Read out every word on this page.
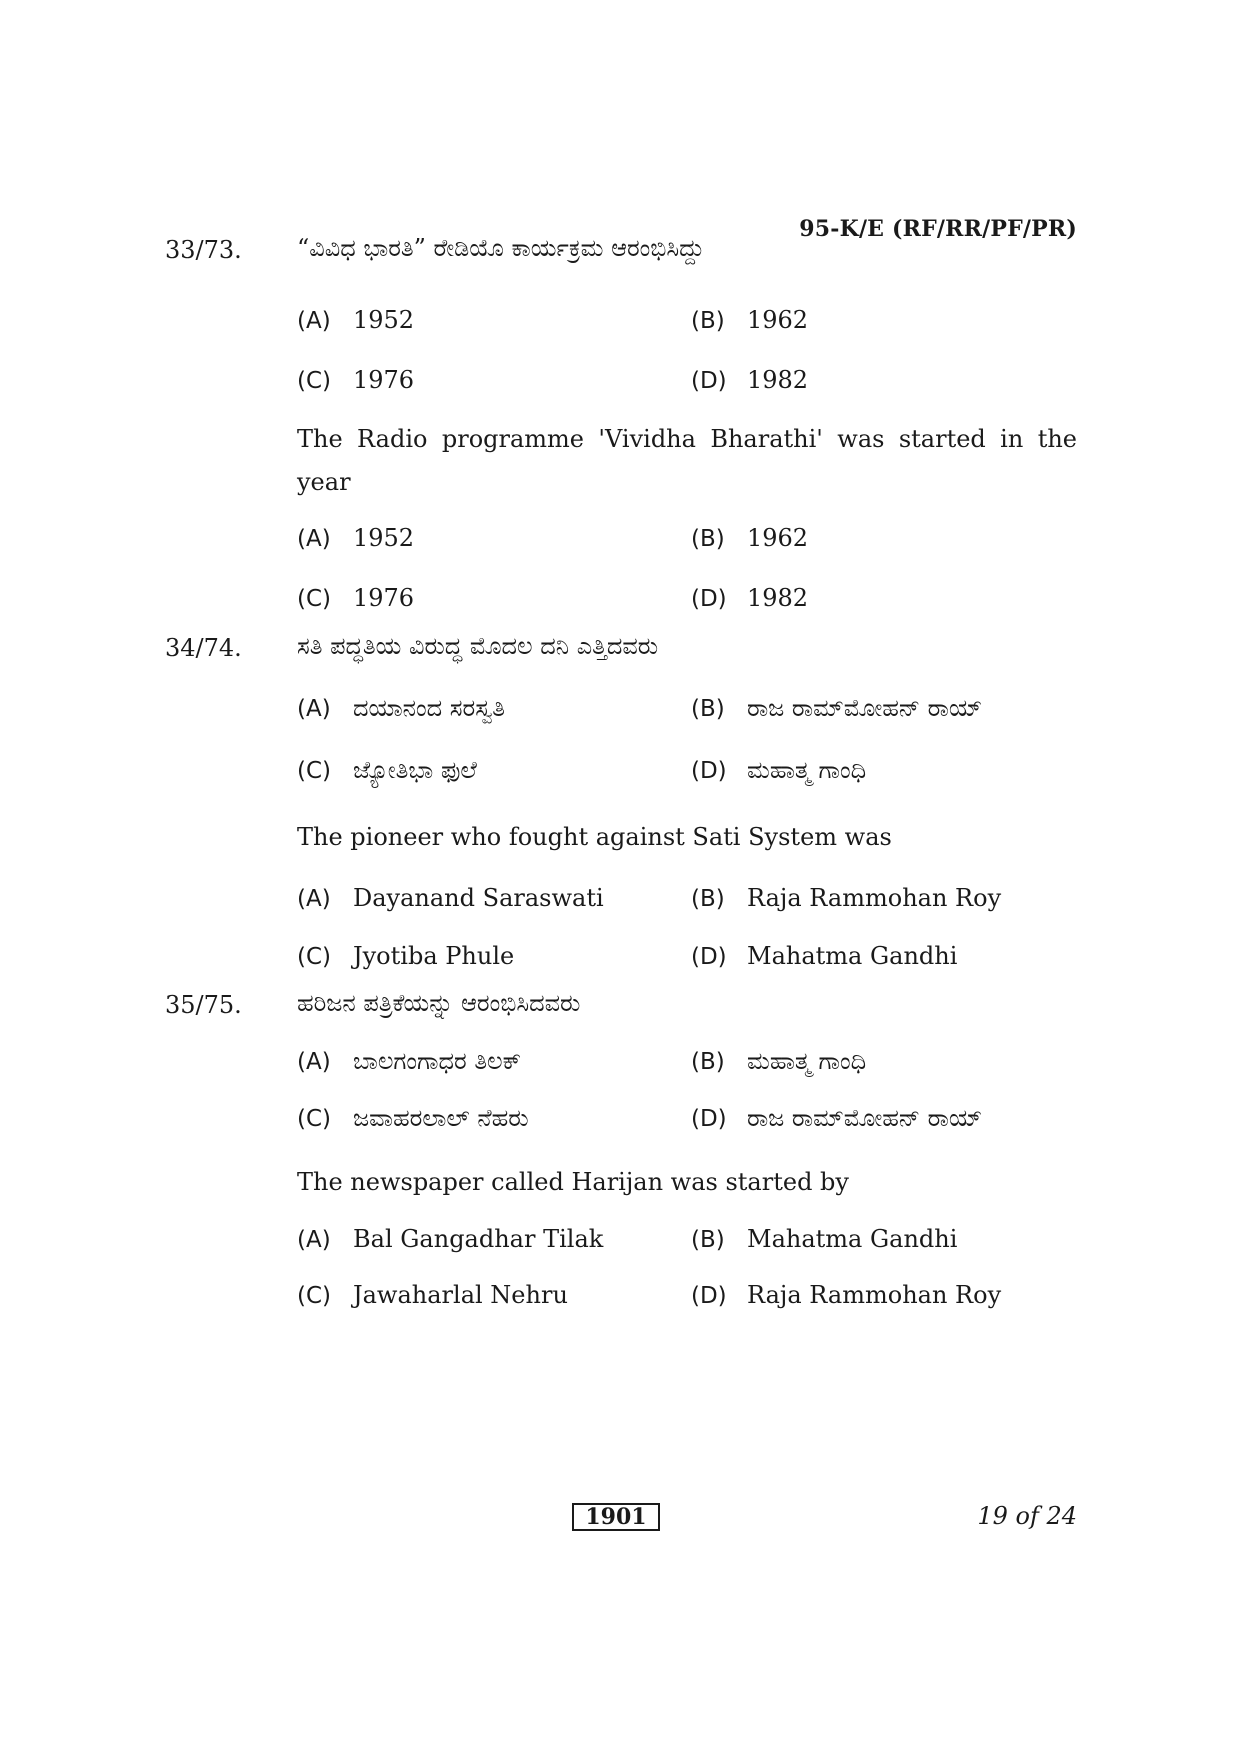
95-K/E (RF/RR/PF/PR)
33/73. “ವಿವಿಧ ಭಾರತಿ” ರೇಡಿಯೊ ಕಾರ್ಯಕ್ರಮ ಆರಂಭಿಸಿದ್ದು
(A) 1952	(B) 1962
(C) 1976	(D) 1982
The Radio programme 'Vividha Bharathi' was started in the year
(A) 1952	(B) 1962
(C) 1976	(D) 1982
34/74. ಸತಿ ಪದ್ಧತಿಯ ವಿರುದ್ಧ ಮೊದಲ ದನಿ ಎತ್ತಿದವರು
(A) ದಯಾನಂದ ಸರಸ್ವತಿ	(B) ರಾಜ ರಾಮ್‌ಮೋಹನ್ ರಾಯ್
(C) ಜ್ಯೋತಿಭಾ ಫುಲೆ	(D) ಮಹಾತ್ಮ ಗಾಂಧಿ
The pioneer who fought against Sati System was
(A) Dayanand Saraswati	(B) Raja Rammohan Roy
(C) Jyotiba Phule	(D) Mahatma Gandhi
35/75. ಹರಿಜನ ಪತ್ರಿಕೆಯನ್ನು ಆರಂಭಿಸಿದವರು
(A) ಬಾಲಗಂಗಾಧರ ತಿಲಕ್	(B) ಮಹಾತ್ಮ ಗಾಂಧಿ
(C) ಜವಾಹರಲಾಲ್ ನೆಹರು	(D) ರಾಜ ರಾಮ್‌ಮೋಹನ್ ರಾಯ್
The newspaper called Harijan was started by
(A) Bal Gangadhar Tilak	(B) Mahatma Gandhi
(C) Jawaharlal Nehru	(D) Raja Rammohan Roy
1901	19 of 24
